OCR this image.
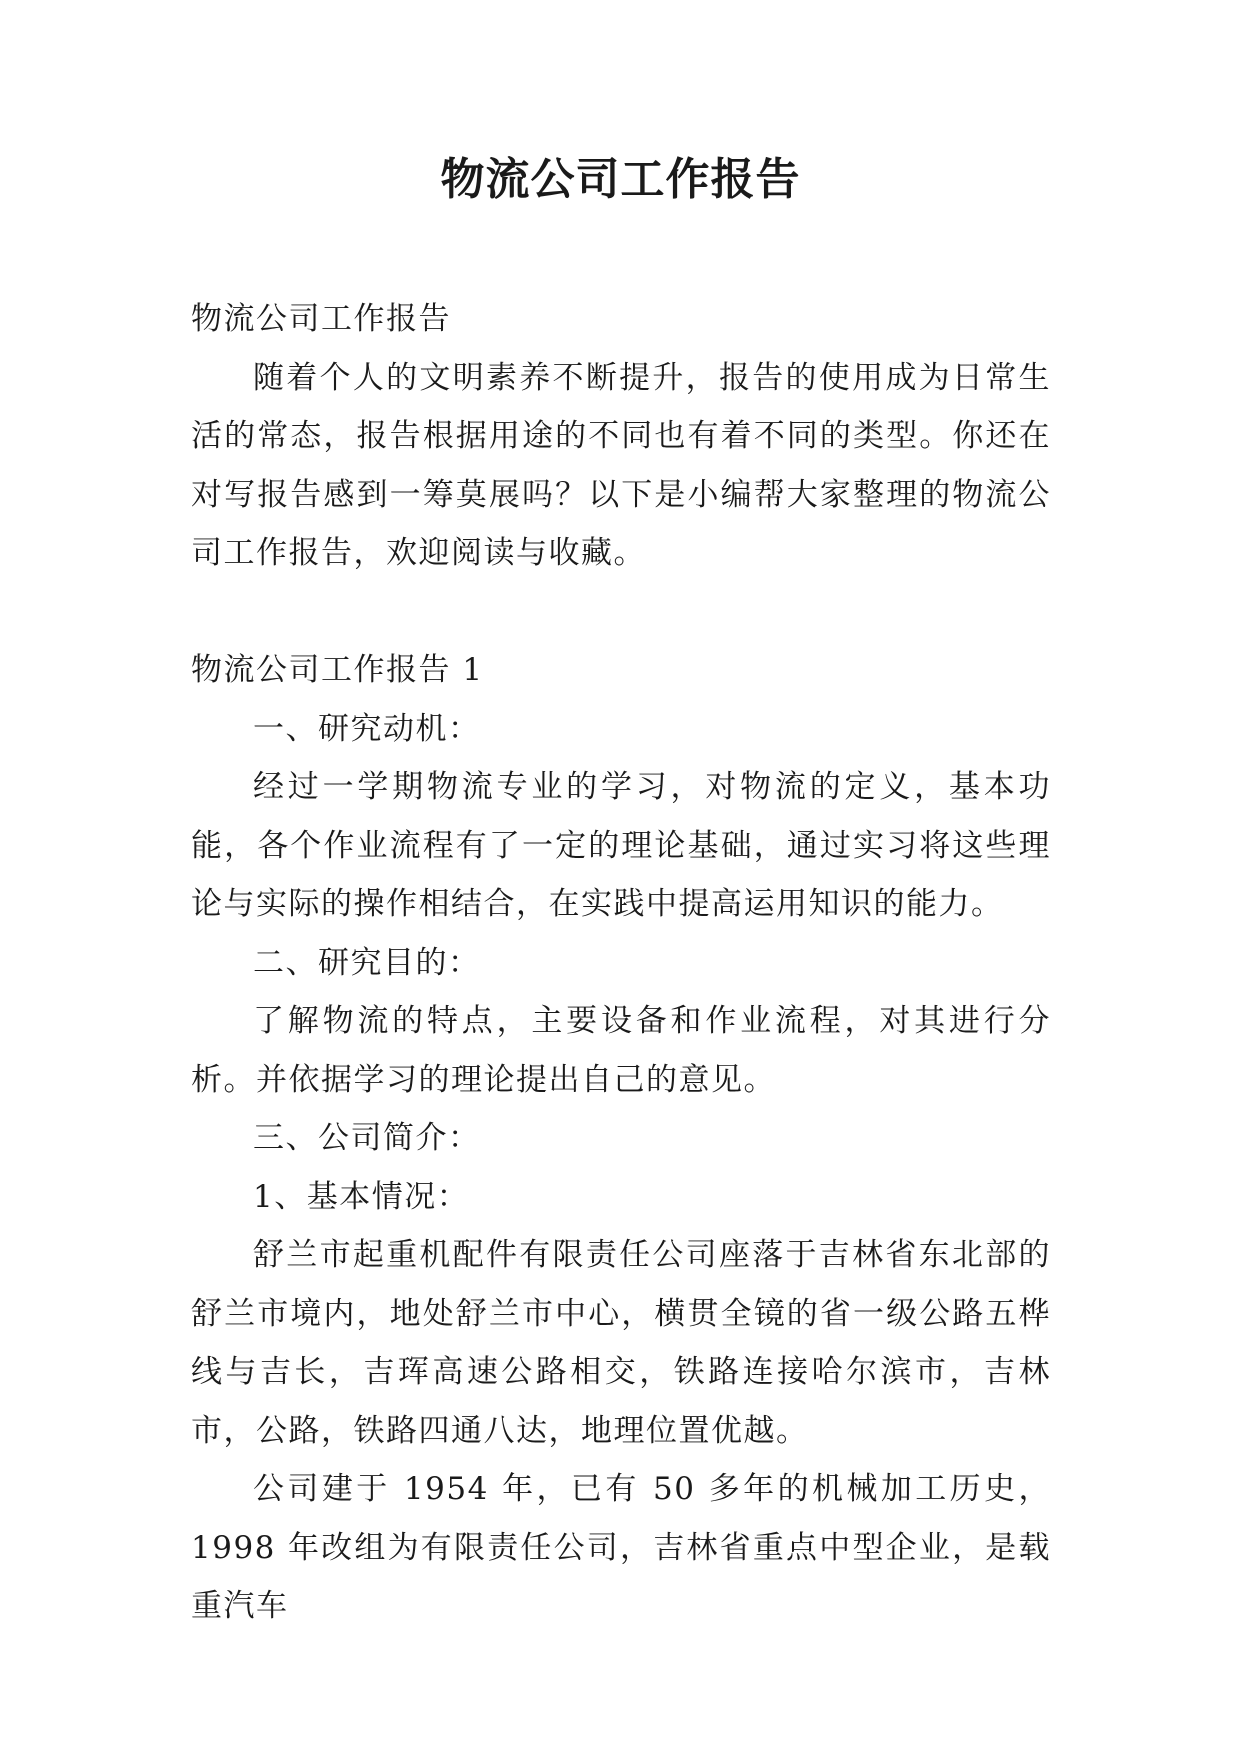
物流公司工作报告

物流公司工作报告

随着个人的文明素养不断提升，报告的使用成为日常生活的常态，报告根据用途的不同也有着不同的类型。你还在对写报告感到一筹莫展吗？以下是小编帮大家整理的物流公司工作报告，欢迎阅读与收藏。

物流公司工作报告 1

一、研究动机：

经过一学期物流专业的学习，对物流的定义，基本功能，各个作业流程有了一定的理论基础，通过实习将这些理论与实际的操作相结合，在实践中提高运用知识的能力。

二、研究目的：

了解物流的特点，主要设备和作业流程，对其进行分析。并依据学习的理论提出自己的意见。

三、公司简介：

1、基本情况：

舒兰市起重机配件有限责任公司座落于吉林省东北部的舒兰市境内，地处舒兰市中心，横贯全镜的省一级公路五桦线与吉长，吉珲高速公路相交，铁路连接哈尔滨市，吉林市，公路，铁路四通八达，地理位置优越。

公司建于 1954 年，已有 50 多年的机械加工历史，1998 年改组为有限责任公司，吉林省重点中型企业，是载重汽车
